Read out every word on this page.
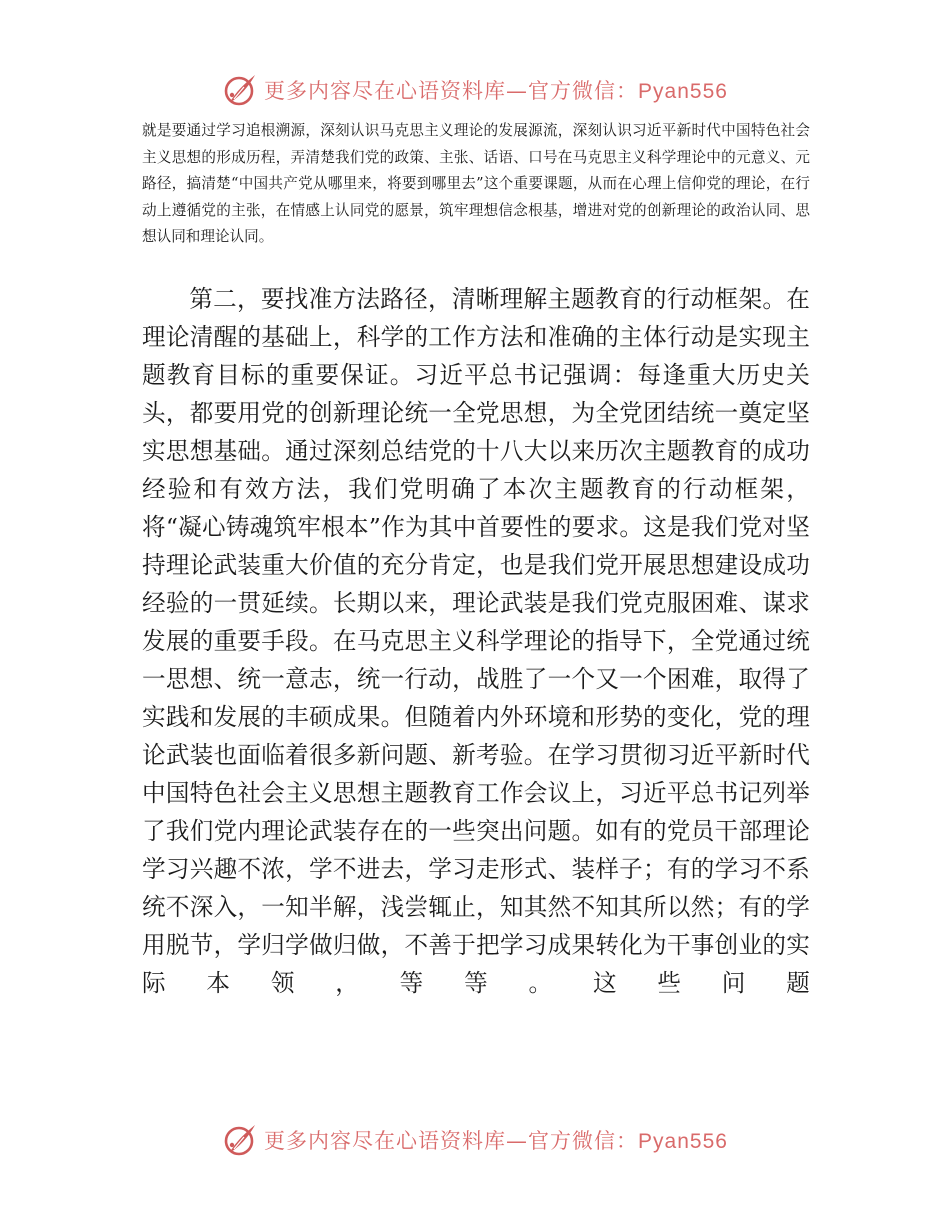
更多内容尽在心语资料库—官方微信：Pyan556

就是要通过学习追根溯源，深刻认识马克思主义理论的发展源流，深刻认识习近平新时代中国特色社会主义思想的形成历程，弄清楚我们党的政策、主张、话语、口号在马克思主义科学理论中的元意义、元路径，搞清楚“中国共产党从哪里来，将要到哪里去”这个重要课题，从而在心理上信仰党的理论，在行动上遵循党的主张，在情感上认同党的愿景，筑牢理想信念根基，增进对党的创新理论的政治认同、思想认同和理论认同。

第二，要找准方法路径，清晰理解主题教育的行动框架。在理论清醒的基础上，科学的工作方法和准确的主体行动是实现主题教育目标的重要保证。习近平总书记强调：每逢重大历史关头，都要用党的创新理论统一全党思想，为全党团结统一奠定坚实思想基础。通过深刻总结党的十八大以来历次主题教育的成功经验和有效方法，我们党明确了本次主题教育的行动框架，将“凝心铸魂筑牢根本”作为其中首要性的要求。这是我们党对坚持理论武装重大价值的充分肯定，也是我们党开展思想建设成功经验的一贯延续。长期以来，理论武装是我们党克服困难、谋求发展的重要手段。在马克思主义科学理论的指导下，全党通过统一思想、统一意志，统一行动，战胜了一个又一个困难，取得了实践和发展的丰硕成果。但随着内外环境和形势的变化，党的理论武装也面临着很多新问题、新考验。在学习贯彻习近平新时代中国特色社会主义思想主题教育工作会议上，习近平总书记列举了我们党内理论武装存在的一些突出问题。如有的党员干部理论学习兴趣不浓，学不进去，学习走形式、装样子；有的学习不系统不深入，一知半解，浅尝辄止，知其然不知其所以然；有的学用脱节，学归学做归做，不善于把学习成果转化为干事创业的实际本领，等等。这些问题

更多内容尽在心语资料库—官方微信：Pyan556
